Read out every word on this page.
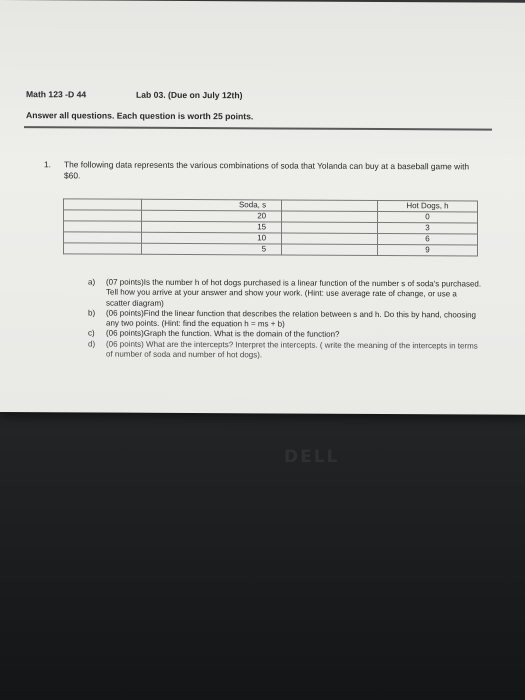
DELL
Math 123 -D 44	Lab 03. (Due on July 12th)
Answer all questions. Each question is worth 25 points.
1. The following data represents the various combinations of soda that Yolanda can buy at a baseball game with $60.
	Soda, s		Hot Dogs, h
	20		0
	15		3
	10		6
	5		9
a) (07 points)Is the number h of hot dogs purchased is a linear function of the number s of soda's purchased. Tell how you arrive at your answer and show your work. (Hint: use average rate of change, or use a scatter diagram)
b) (06 points)Find the linear function that describes the relation between s and h. Do this by hand, choosing any two points. (Hint: find the equation h = ms + b)
c) (06 points)Graph the function. What is the domain of the function?
d) (06 points) What are the intercepts? Interpret the intercepts. ( write the meaning of the intercepts in terms of number of soda and number of hot dogs).
